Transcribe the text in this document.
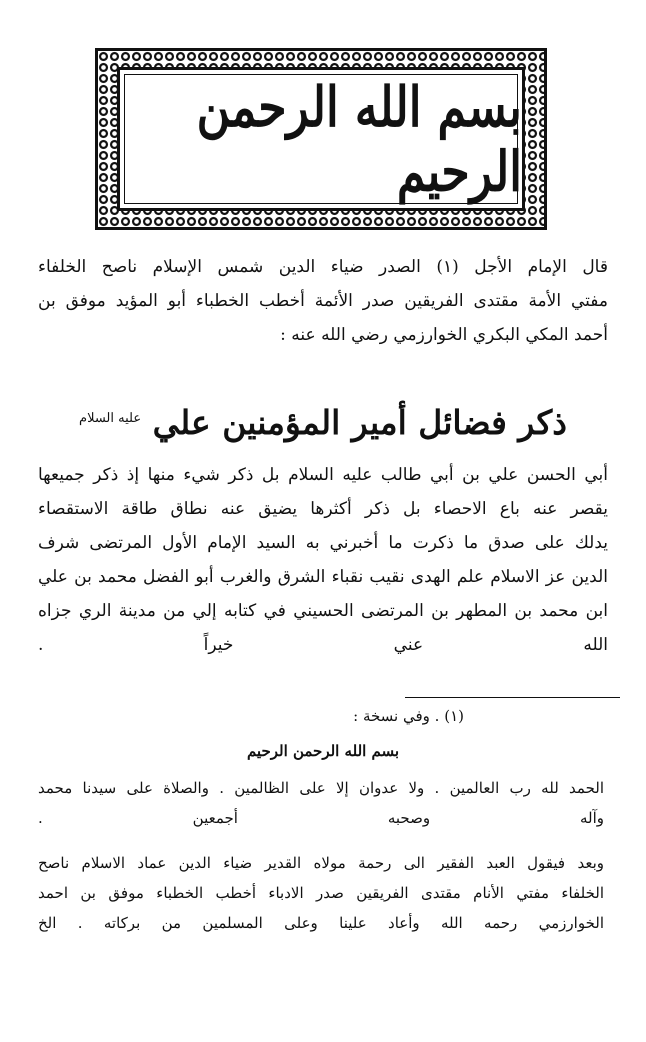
بسم الله الرحمن الرحيم
قال الإمام الأجل (١) الصدر ضياء الدين شمس الإسلام ناصح الخلفاء
مفتي الأمة مقتدى الفريقين صدر الأئمة أخطب الخطباء أبو المؤيد موفق بن
أحمد المكي البكري الخوارزمي رضي الله عنه :
ذكر فضائل أمير المؤمنين علي $^{عليه السلام}$
أبي الحسن علي بن أبي طالب عليه السلام بل ذكر شيء منها إذ ذكر جميعها
يقصر عنه باع الاحصاء بل ذكر أكثرها يضيق عنه نطاق طاقة الاستقصاء
يدلك على صدق ما ذكرت ما أخبرني به السيد الإمام الأول المرتضى شرف
الدين عز الاسلام علم الهدى نقيب نقباء الشرق والغرب أبو الفضل محمد بن علي
ابن محمد بن المطهر بن المرتضى الحسيني في كتابه إلي من مدينة الري جزاه
الله عني خيراً .
(١) . وفي نسخة :
بسم الله الرحمن الرحيم
الحمد لله رب العالمين . ولا عدوان إلا على الظالمين . والصلاة على سيدنا محمد
وآله وصحبه أجمعين .
وبعد فيقول العبد الفقير الى رحمة مولاه القدير ضياء الدين عماد الاسلام ناصح
الخلفاء مفتي الأنام مقتدى الفريقين صدر الادباء أخطب الخطباء موفق بن احمد
الخوارزمي رحمه الله وأعاد علينا وعلى المسلمين من بركاته . الخ
